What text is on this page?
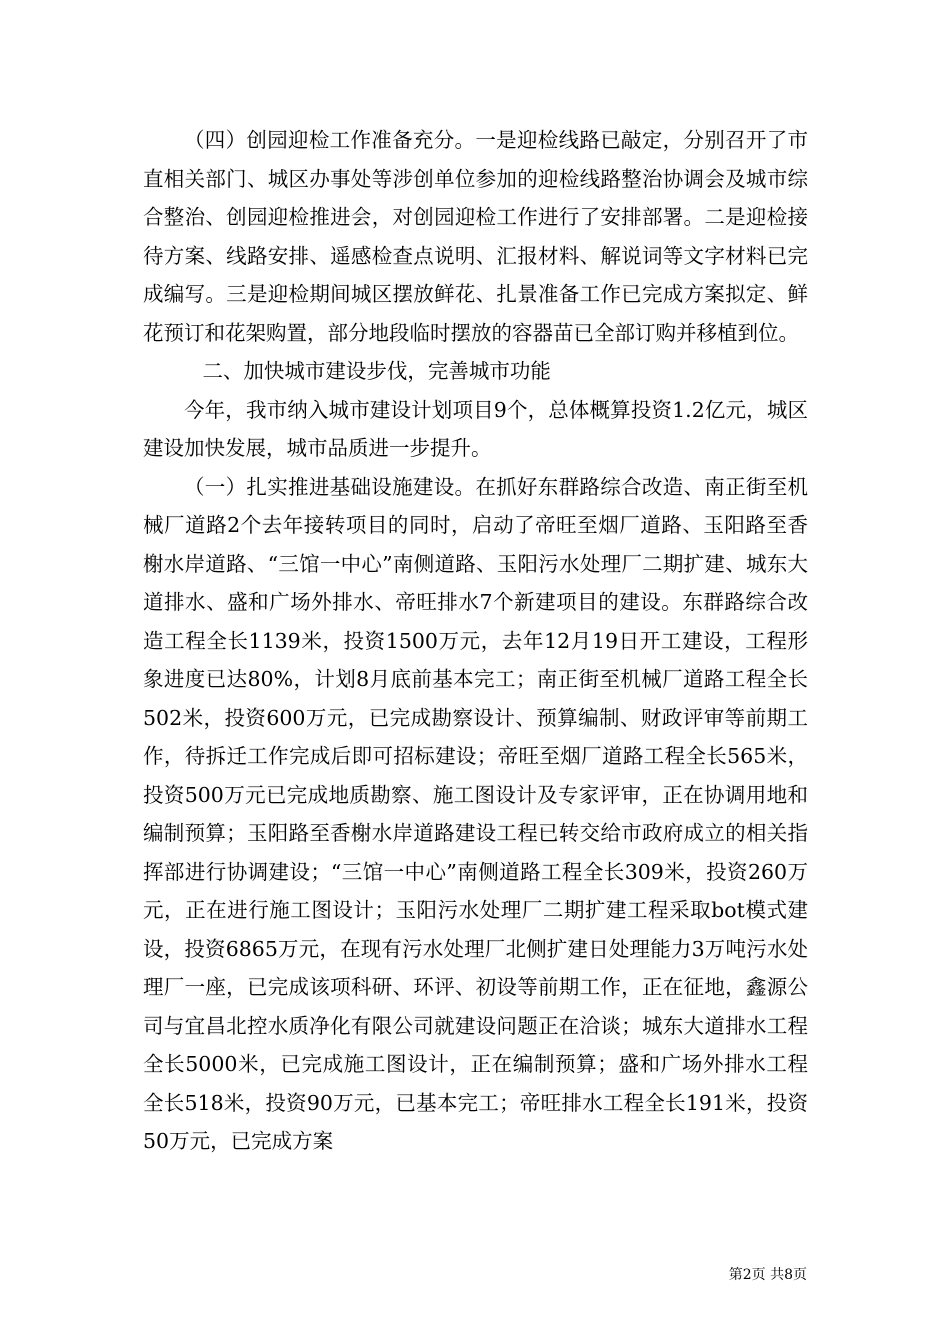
（四）创园迎检工作准备充分。一是迎检线路已敲定，分别召开了市直相关部门、城区办事处等涉创单位参加的迎检线路整治协调会及城市综合整治、创园迎检推进会，对创园迎检工作进行了安排部署。二是迎检接待方案、线路安排、遥感检查点说明、汇报材料、解说词等文字材料已完成编写。三是迎检期间城区摆放鲜花、扎景准备工作已完成方案拟定、鲜花预订和花架购置，部分地段临时摆放的容器苗已全部订购并移植到位。

二、加快城市建设步伐，完善城市功能

今年，我市纳入城市建设计划项目9个，总体概算投资1.2亿元，城区建设加快发展，城市品质进一步提升。

（一）扎实推进基础设施建设。在抓好东群路综合改造、南正街至机械厂道路2个去年接转项目的同时，启动了帝旺至烟厂道路、玉阳路至香榭水岸道路、“三馆一中心”南侧道路、玉阳污水处理厂二期扩建、城东大道排水、盛和广场外排水、帝旺排水7个新建项目的建设。东群路综合改造工程全长1139米，投资1500万元，去年12月19日开工建设，工程形象进度已达80%，计划8月底前基本完工；南正街至机械厂道路工程全长502米，投资600万元，已完成勘察设计、预算编制、财政评审等前期工作，待拆迁工作完成后即可招标建设；帝旺至烟厂道路工程全长565米，投资500万元已完成地质勘察、施工图设计及专家评审，正在协调用地和编制预算；玉阳路至香榭水岸道路建设工程已转交给市政府成立的相关指挥部进行协调建设；“三馆一中心”南侧道路工程全长309米，投资260万元，正在进行施工图设计；玉阳污水处理厂二期扩建工程采取bot模式建设，投资6865万元，在现有污水处理厂北侧扩建日处理能力3万吨污水处理厂一座，已完成该项科研、环评、初设等前期工作，正在征地，鑫源公司与宜昌北控水质净化有限公司就建设问题正在洽谈；城东大道排水工程全长5000米，已完成施工图设计，正在编制预算；盛和广场外排水工程全长518米，投资90万元，已基本完工；帝旺排水工程全长191米，投资50万元，已完成方案

第2页 共8页
